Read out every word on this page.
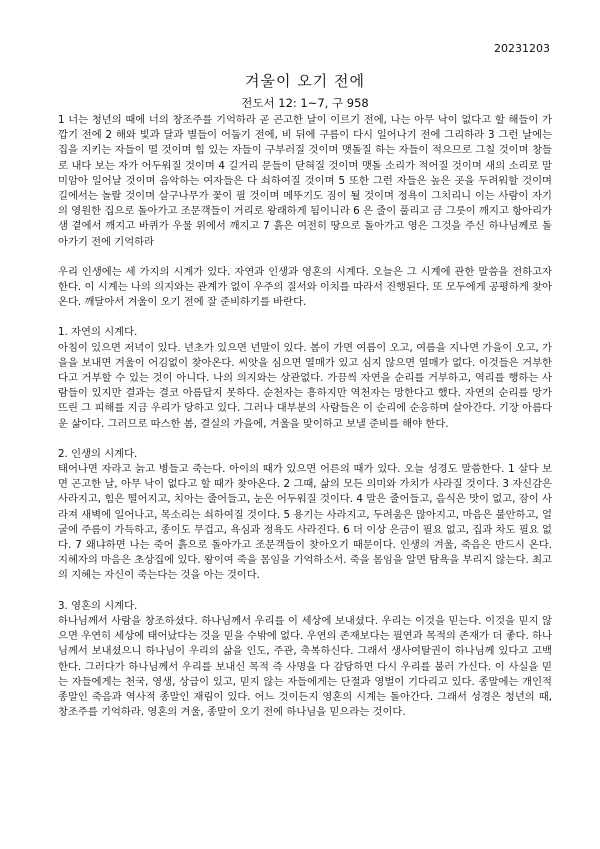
20231203
겨울이 오기 전에
전도서 12: 1~7, 구 958

1 너는 청년의 때에 너의 창조주를 기억하라 곧 곤고한 날이 이르기 전에, 나는 아무 낙이 없다고 할 해들이 가깝기 전에 2 해와 빛과 달과 별들이 어둡기 전에, 비 뒤에 구름이 다시 일어나기 전에 그리하라 3 그런 날에는 집을 지키는 자들이 떨 것이며 힘 있는 자들이 구부러질 것이며 맷돌질 하는 자들이 적으므로 그칠 것이며 창들로 내다 보는 자가 어두워질 것이며 4 길거리 문들이 닫혀질 것이며 맷돌 소리가 적어질 것이며 새의 소리로 말미암아 일어날 것이며 음악하는 여자들은 다 쇠하여질 것이며 5 또한 그런 자들은 높은 곳을 두려워할 것이며 길에서는 놀랄 것이며 살구나무가 꽃이 필 것이며 메뚜기도 짐이 될 것이며 정욕이 그치리니 이는 사람이 자기의 영원한 집으로 돌아가고 조문객들이 거리로 왕래하게 됨이니라 6 은 줄이 풀리고 금 그릇이 깨지고 항아리가 샘 곁에서 깨지고 바퀴가 우물 위에서 깨지고 7 흙은 여전히 땅으로 돌아가고 영은 그것을 주신 하나님께로 돌아가기 전에 기억하라

우리 인생에는 세 가지의 시계가 있다. 자연과 인생과 영혼의 시계다. 오늘은 그 시계에 관한 말씀을 전하고자 한다. 이 시계는 나의 의지와는 관계가 없이 우주의 질서와 이치를 따라서 진행된다. 또 모두에게 공평하게 찾아온다. 깨달아서 겨울이 오기 전에 잘 준비하기를 바란다.

1. 자연의 시계다.

아침이 있으면 저녁이 있다. 년초가 있으면 년말이 있다. 봄이 가면 여름이 오고, 여름을 지나면 가을이 오고, 가을을 보내면 겨울이 어김없이 찾아온다. 씨앗을 심으면 열매가 있고 심지 않으면 열매가 없다. 이것들은 거부한다고 거부할 수 있는 것이 아니다. 나의 의지와는 상관없다. 가끔씩 자연을 순리를 거부하고, 역리를 행하는 사람들이 있지만 결과는 결코 아름답지 못하다. 순천자는 흥하지만 역천자는 망한다고 했다. 자연의 순리를 망가뜨린 그 피해를 지금 우리가 당하고 있다. 그러나 대부분의 사람들은 이 순리에 순응하며 살아간다. 기장 아름다운 삶이다. 그러므로 따스한 봄, 결실의 가을에, 겨울을 맞이하고 보낼 준비를 해야 한다.

2. 인생의 시계다.

태어나면 자라고 늙고 병들고 죽는다. 아이의 때가 있으면 어른의 때가 있다. 오늘 성경도 말씀한다. 1 살다 보면 곤고한 날, 아무 낙이 없다고 할 때가 찾아온다. 2 그때, 삶의 모든 의미와 가치가 사라질 것이다. 3 자신감은 사라지고, 힘은 떨어지고, 치아는 줄어들고, 눈은 어두워질 것이다. 4 말은 줄어들고, 음식은 맛이 없고, 잠이 사라져 새벽에 일어나고, 목소리는 쇠하여질 것이다. 5 용기는 사라지고, 두려움은 많아지고, 마음은 불안하고, 얼굴에 주름이 가득하고, 종이도 무겁고, 욕심과 정욕도 사라진다. 6 더 이상 은금이 필요 없고, 집과 차도 필요 없다. 7 왜냐하면 나는 죽어 흙으로 돌아가고 조문객들이 찾아오기 때문이다. 인생의 겨울, 죽음은 반드시 온다. 지혜자의 마음은 초상집에 있다. 왕이여 죽을 몸임을 기억하소서. 죽을 몸임을 알면 탐욕을 부리지 않는다. 최고의 지혜는 자신이 죽는다는 것을 아는 것이다.

3. 영혼의 시계다.

하나님께서 사람을 창조하셨다. 하나님께서 우리를 이 세상에 보내셨다. 우리는 이것을 믿는다. 이것을 믿지 않으면 우연히 세상에 태어났다는 것을 믿을 수밖에 없다. 우연의 존재보다는 필연과 목적의 존재가 더 좋다. 하나님께서 보내셨으니 하나님이 우리의 삶을 인도, 주관, 축복하신다. 그래서 생사여탈권이 하나님께 있다고 고백한다. 그러다가 하나님께서 우리를 보내신 목적 즉 사명을 다 감당하면 다시 우리를 불러 가신다. 이 사실을 믿는 자들에게는 천국, 영생, 상급이 있고, 믿지 않는 자들에게는 단절과 영벌이 기다리고 있다. 종말에는 개인적 종말인 죽음과 역사적 종말인 재림이 있다. 어느 것이든지 영혼의 시계는 돌아간다. 그래서 성경은 청년의 때, 창조주를 기억하라. 영혼의 겨울, 종말이 오기 전에 하나님을 믿으라는 것이다.
